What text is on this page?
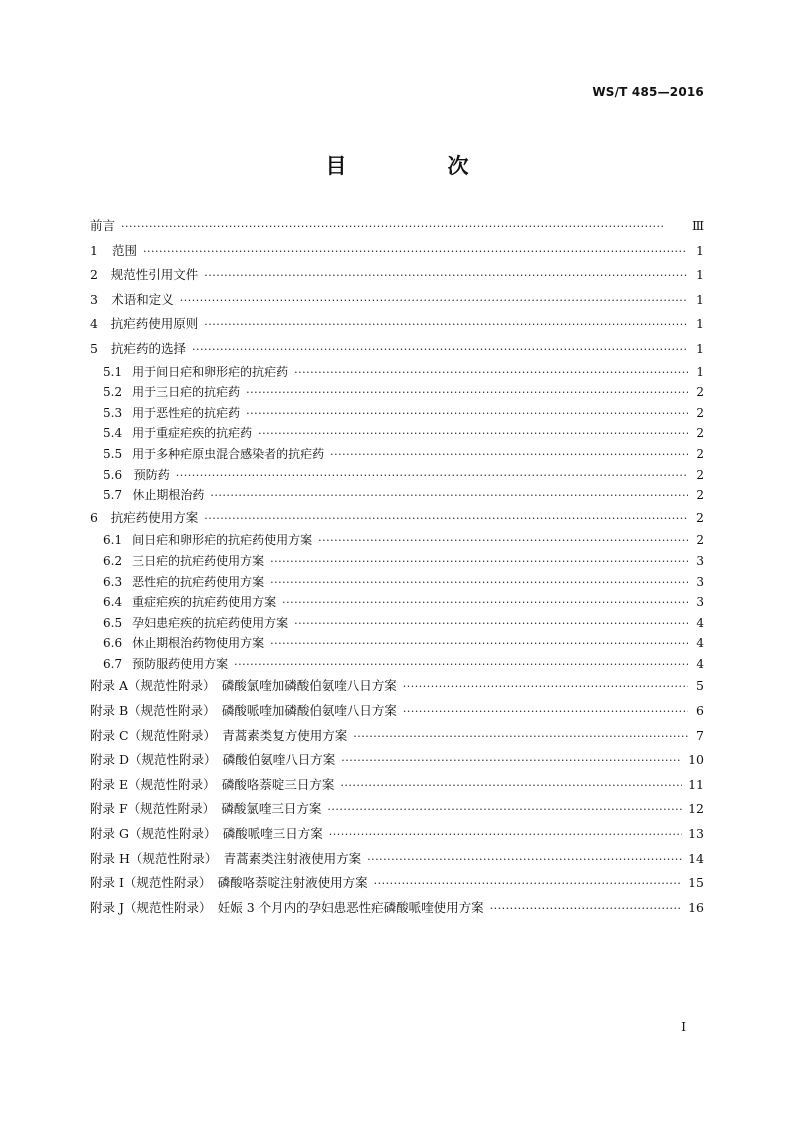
WS/T 485—2016
目　次
前言 ·····	Ⅲ
1	范围 ·····	1
2 规范性引用文件 ·····	1
3 术语和定义 ·····	1
4 抗疟药使用原则 ·····	1
5 抗疟药的选择 ·····	1
5.1 用于间日疟和卵形疟的抗疟药 ·····	1
5.2 用于三日疟的抗疟药 ·····	2
5.3 用于恶性疟的抗疟药 ·····	2
5.4 用于重症疟疾的抗疟药 ·····	2
5.5 用于多种疟原虫混合感染者的抗疟药 ·····	2
5.6 预防药 ·····	2
5.7 休止期根治药 ·····	2
6 抗疟药使用方案 ·····	2
6.1 间日疟和卵形疟的抗疟药使用方案 ·····	2
6.2 三日疟的抗疟药使用方案 ·····	3
6.3 恶性疟的抗疟药使用方案 ·····	3
6.4 重症疟疾的抗疟药使用方案 ·····	3
6.5 孕妇患疟疾的抗疟药使用方案 ·····	4
6.6 休止期根治药物使用方案 ·····	4
6.7 预防服药使用方案 ·····	4
附录 A（规范性附录）　磷酸氯喹加磷酸伯氨喹八日方案 ·····	5
附录 B（规范性附录）　磷酸哌喹加磷酸伯氨喹八日方案 ·····	6
附录 C（规范性附录）　青蒿素类复方使用方案 ·····	7
附录 D（规范性附录）　磷酸伯氨喹八日方案 ·····	10
附录 E（规范性附录）　磷酸咯萘啶三日方案 ·····	11
附录 F（规范性附录）　磷酸氯喹三日方案 ·····	12
附录 G（规范性附录）　磷酸哌喹三日方案 ·····	13
附录 H（规范性附录）　青蒿素类注射液使用方案 ·····	14
附录 I（规范性附录）　磷酸咯萘啶注射液使用方案 ·····	15
附录 J（规范性附录）　妊娠 3 个月内的孕妇患恶性疟磷酸哌喹使用方案 ·····	16
I
